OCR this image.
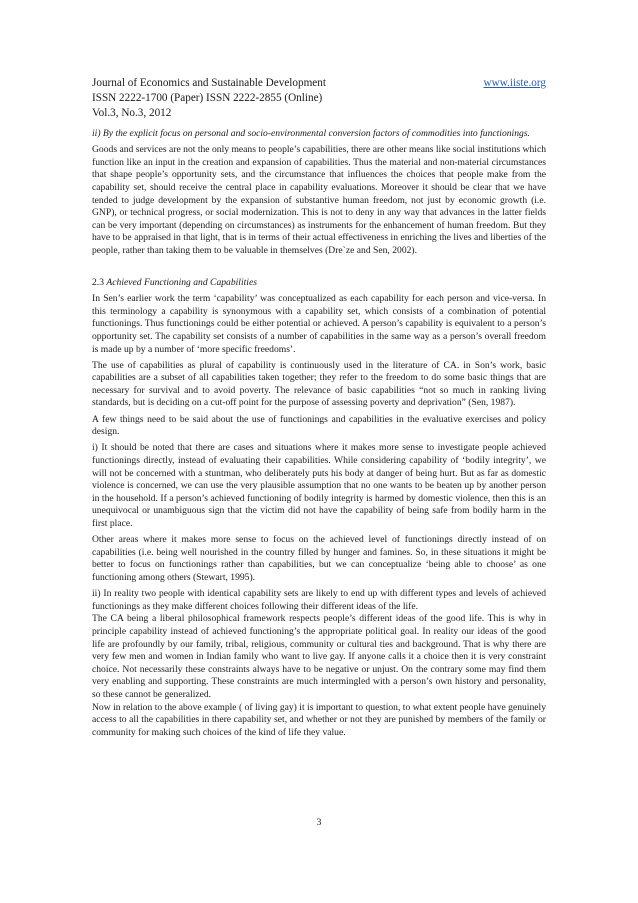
Journal of Economics and Sustainable Development	www.iiste.org
ISSN 2222-1700 (Paper) ISSN 2222-2855 (Online)
Vol.3, No.3, 2012

ii) By the explicit focus on personal and socio-environmental conversion factors of commodities into functionings.

Goods and services are not the only means to people’s capabilities, there are other means like social institutions which function like an input in the creation and expansion of capabilities. Thus the material and non-material circumstances that shape people’s opportunity sets, and the circumstance that influences the choices that people make from the capability set, should receive the central place in capability evaluations. Moreover it should be clear that we have tended to judge development by the expansion of substantive human freedom, not just by economic growth (i.e. GNP), or technical progress, or social modernization. This is not to deny in any way that advances in the latter fields can be very important (depending on circumstances) as instruments for the enhancement of human freedom. But they have to be appraised in that light, that is in terms of their actual effectiveness in enriching the lives and liberties of the people, rather than taking them to be valuable in themselves (Dre`ze and Sen, 2002).

2.3 Achieved Functioning and Capabilities

In Sen’s earlier work the term ‘capability’ was conceptualized as each capability for each person and vice-versa. In this terminology a capability is synonymous with a capability set, which consists of a combination of potential functionings. Thus functionings could be either potential or achieved. A person’s capability is equivalent to a person’s opportunity set. The capability set consists of a number of capabilities in the same way as a person’s overall freedom is made up by a number of ‘more specific freedoms’.

The use of capabilities as plural of capability is continuously used in the literature of CA. in Son’s work, basic capabilities are a subset of all capabilities taken together; they refer to the freedom to do some basic things that are necessary for survival and to avoid poverty. The relevance of basic capabilities “not so much in ranking living standards, but is deciding on a cut-off point for the purpose of assessing poverty and deprivation” (Sen, 1987).

A few things need to be said about the use of functionings and capabilities in the evaluative exercises and policy design.

i) It should be noted that there are cases and situations where it makes more sense to investigate people achieved functionings directly, instead of evaluating their capabilities. While considering capability of ‘bodily integrity’, we will not be concerned with a stuntman, who deliberately puts his body at danger of being hurt. But as far as domestic violence is concerned, we can use the very plausible assumption that no one wants to be beaten up by another person in the household. If a person’s achieved functioning of bodily integrity is harmed by domestic violence, then this is an unequivocal or unambiguous sign that the victim did not have the capability of being safe from bodily harm in the first place.

Other areas where it makes more sense to focus on the achieved level of functionings directly instead of on capabilities (i.e. being well nourished in the country filled by hunger and famines. So, in these situations it might be better to focus on functionings rather than capabilities, but we can conceptualize ‘being able to choose’ as one functioning among others (Stewart, 1995).

ii) In reality two people with identical capability sets are likely to end up with different types and levels of achieved functionings as they make different choices following their different ideas of the life.

The CA being a liberal philosophical framework respects people’s different ideas of the good life. This is why in principle capability instead of achieved functioning’s the appropriate political goal. In reality our ideas of the good life are profoundly by our family, tribal, religious, community or cultural ties and background. That is why there are very few men and women in Indian family who want to live gay. If anyone calls it a choice then it is very constraint choice. Not necessarily these constraints always have to be negative or unjust. On the contrary some may find them very enabling and supporting. These constraints are much intermingled with a person’s own history and personality, so these cannot be generalized.

Now in relation to the above example ( of living gay) it is important to question, to what extent people have genuinely access to all the capabilities in there capability set, and whether or not they are punished by members of the family or community for making such choices of the kind of life they value.

3
